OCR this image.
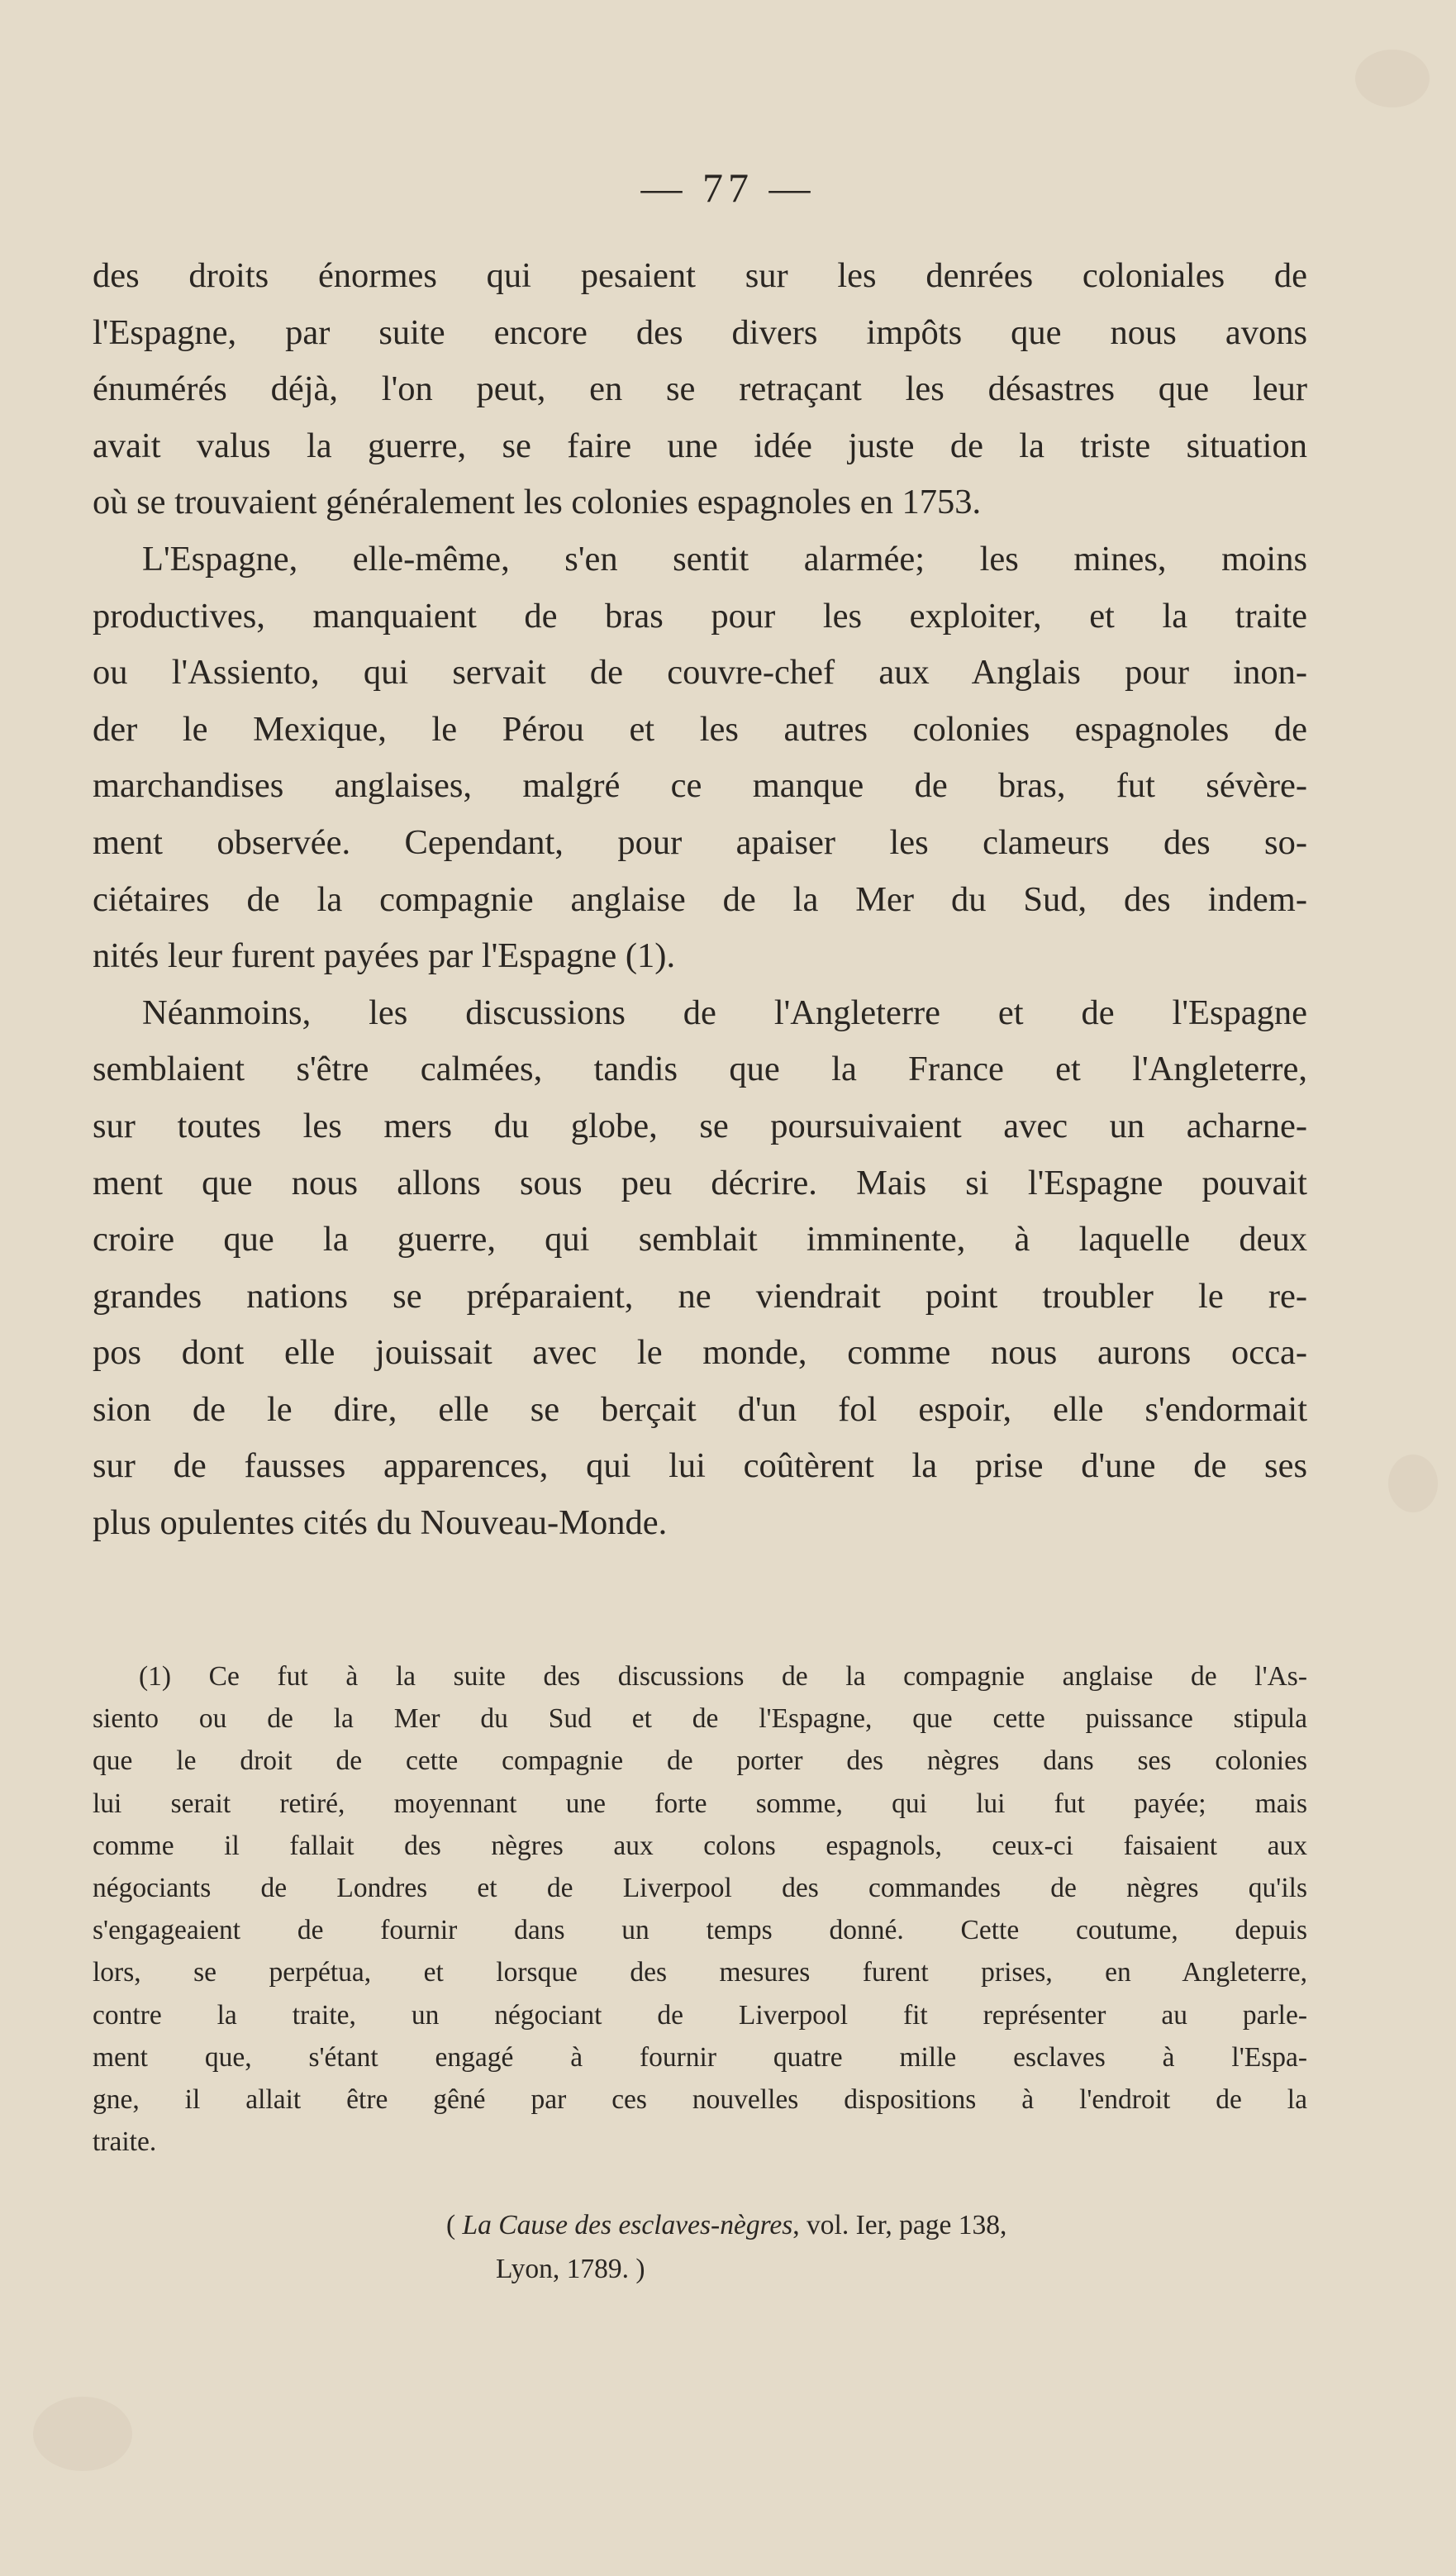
— 77 —
des droits énormes qui pesaient sur les denrées coloniales de
l'Espagne, par suite encore des divers impôts que nous avons
énumérés déjà, l'on peut, en se retraçant les désastres que leur
avait valus la guerre, se faire une idée juste de la triste situation
où se trouvaient généralement les colonies espagnoles en 1753.
L'Espagne, elle-même, s'en sentit alarmée; les mines, moins
productives, manquaient de bras pour les exploiter, et la traite
ou l'Assiento, qui servait de couvre-chef aux Anglais pour inon-
der le Mexique, le Pérou et les autres colonies espagnoles de
marchandises anglaises, malgré ce manque de bras, fut sévère-
ment observée. Cependant, pour apaiser les clameurs des so-
ciétaires de la compagnie anglaise de la Mer du Sud, des indem-
nités leur furent payées par l'Espagne (1).
Néanmoins, les discussions de l'Angleterre et de l'Espagne
semblaient s'être calmées, tandis que la France et l'Angleterre,
sur toutes les mers du globe, se poursuivaient avec un acharne-
ment que nous allons sous peu décrire. Mais si l'Espagne pouvait
croire que la guerre, qui semblait imminente, à laquelle deux
grandes nations se préparaient, ne viendrait point troubler le re-
pos dont elle jouissait avec le monde, comme nous aurons occa-
sion de le dire, elle se berçait d'un fol espoir, elle s'endormait
sur de fausses apparences, qui lui coûtèrent la prise d'une de ses
plus opulentes cités du Nouveau-Monde.
(1) Ce fut à la suite des discussions de la compagnie anglaise de l'As-
siento ou de la Mer du Sud et de l'Espagne, que cette puissance stipula
que le droit de cette compagnie de porter des nègres dans ses colonies
lui serait retiré, moyennant une forte somme, qui lui fut payée; mais
comme il fallait des nègres aux colons espagnols, ceux-ci faisaient aux
négociants de Londres et de Liverpool des commandes de nègres qu'ils
s'engageaient de fournir dans un temps donné. Cette coutume, depuis
lors, se perpétua, et lorsque des mesures furent prises, en Angleterre,
contre la traite, un négociant de Liverpool fit représenter au parle-
ment que, s'étant engagé à fournir quatre mille esclaves à l'Espa-
gne, il allait être gêné par ces nouvelles dispositions à l'endroit de la
traite.
( La Cause des esclaves-nègres, vol. Ier, page 138,
Lyon, 1789. )
